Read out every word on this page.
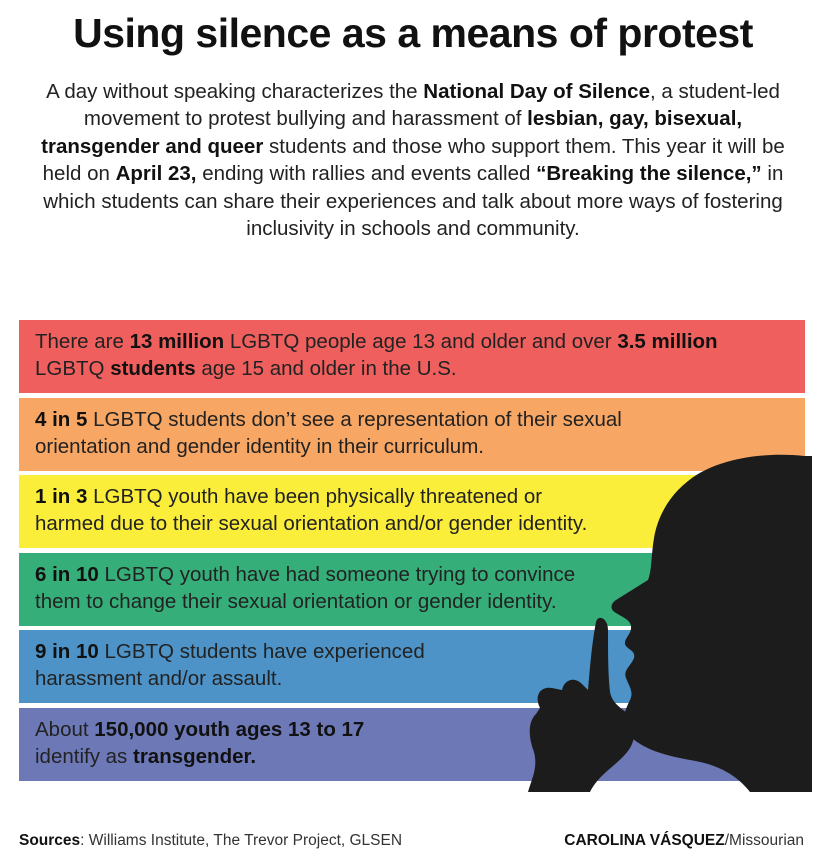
Using silence as a means of protest
A day without speaking characterizes the National Day of Silence, a student-led movement to protest bullying and harassment of lesbian, gay, bisexual, transgender and queer students and those who support them. This year it will be held on April 23, ending with rallies and events called “Breaking the silence,” in which students can share their experiences and talk about more ways of fostering inclusivity in schools and community.
There are 13 million LGBTQ people age 13 and older and over 3.5 million
LGBTQ students age 15 and older in the U.S.
4 in 5 LGBTQ students don’t see a representation of their sexual
orientation and gender identity in their curriculum.
1 in 3 LGBTQ youth have been physically threatened or
harmed due to their sexual orientation and/or gender identity.
6 in 10 LGBTQ youth have had someone trying to convince
them to change their sexual orientation or gender identity.
9 in 10 LGBTQ students have experienced
harassment and/or assault.
About 150,000 youth ages 13 to 17
identify as transgender.
Sources: Williams Institute, The Trevor Project, GLSEN	CAROLINA VÁSQUEZ/Missourian
